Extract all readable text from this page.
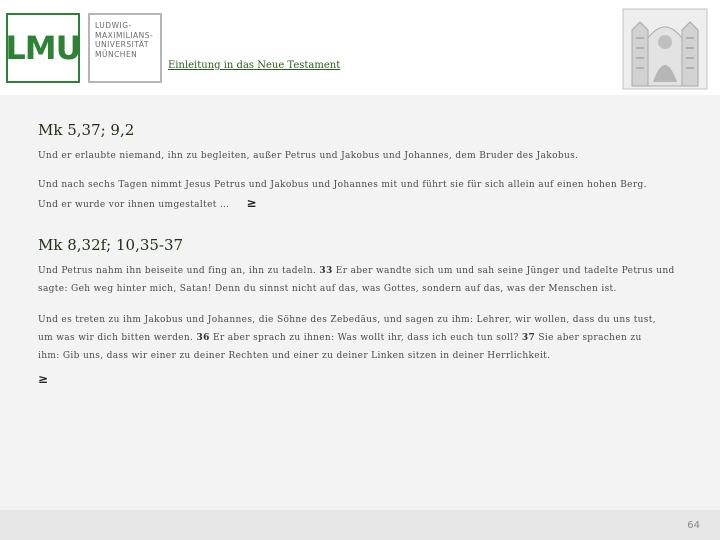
LMU
LUDWIG-
MAXIMILIANS-
UNIVERSITÄT
MÜNCHEN
Einleitung in das Neue Testament
Mk 5,37; 9,2
Und er erlaubte niemand, ihn zu begleiten, außer Petrus und Jakobus und Johannes, dem Bruder des Jakobus.
Und nach sechs Tagen nimmt Jesus Petrus und Jakobus und Johannes mit und führt sie für sich allein auf einen hohen Berg. Und er wurde vor ihnen umgestaltet … ≥
Mk 8,32f; 10,35-37
Und Petrus nahm ihn beiseite und fing an, ihn zu tadeln. 33 Er aber wandte sich um und sah seine Jünger und tadelte Petrus und sagte: Geh weg hinter mich, Satan! Denn du sinnst nicht auf das, was Gottes, sondern auf das, was der Menschen ist.
Und es treten zu ihm Jakobus und Johannes, die Söhne des Zebedäus, und sagen zu ihm: Lehrer, wir wollen, dass du uns tust, um was wir dich bitten werden. 36 Er aber sprach zu ihnen: Was wollt ihr, dass ich euch tun soll? 37 Sie aber sprachen zu ihm: Gib uns, dass wir einer zu deiner Rechten und einer zu deiner Linken sitzen in deiner Herrlichkeit.
≥
64
